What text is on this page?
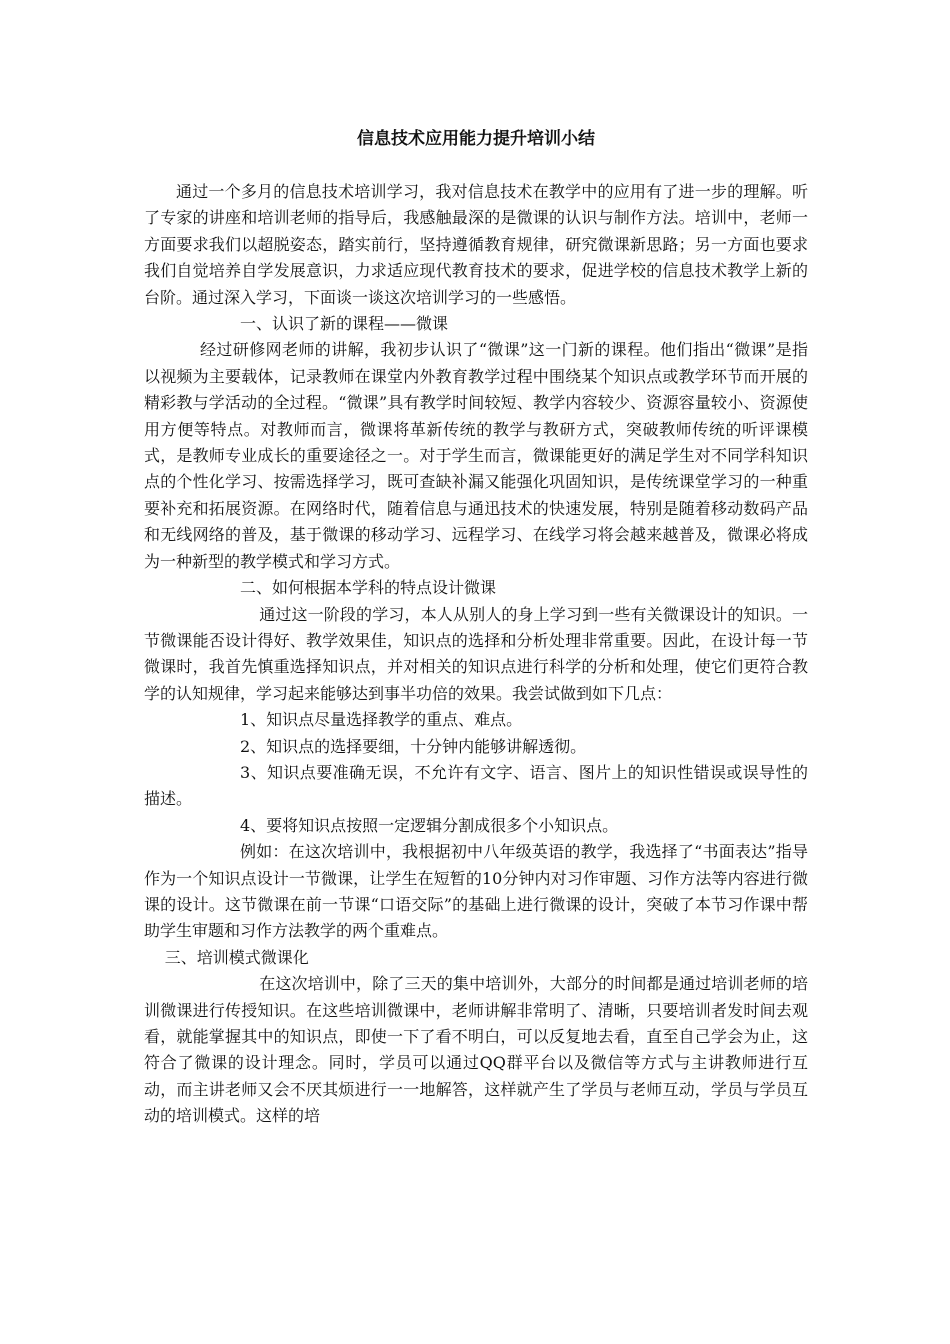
信息技术应用能力提升培训小结

通过一个多月的信息技术培训学习，我对信息技术在教学中的应用有了进一步的理解。听了专家的讲座和培训老师的指导后，我感触最深的是微课的认识与制作方法。培训中，老师一方面要求我们以超脱姿态，踏实前行，坚持遵循教育规律，研究微课新思路；另一方面也要求我们自觉培养自学发展意识，力求适应现代教育技术的要求，促进学校的信息技术教学上新的台阶。通过深入学习，下面谈一谈这次培训学习的一些感悟。

一、认识了新的课程——微课

经过研修网老师的讲解，我初步认识了“微课”这一门新的课程。他们指出“微课”是指以视频为主要载体，记录教师在课堂内外教育教学过程中围绕某个知识点或教学环节而开展的精彩教与学活动的全过程。“微课”具有教学时间较短、教学内容较少、资源容量较小、资源使用方便等特点。对教师而言，微课将革新传统的教学与教研方式，突破教师传统的听评课模式，是教师专业成长的重要途径之一。对于学生而言，微课能更好的满足学生对不同学科知识点的个性化学习、按需选择学习，既可查缺补漏又能强化巩固知识，是传统课堂学习的一种重要补充和拓展资源。在网络时代，随着信息与通迅技术的快速发展，特别是随着移动数码产品和无线网络的普及，基于微课的移动学习、远程学习、在线学习将会越来越普及，微课必将成为一种新型的教学模式和学习方式。

二、如何根据本学科的特点设计微课

通过这一阶段的学习，本人从别人的身上学习到一些有关微课设计的知识。一节微课能否设计得好、教学效果佳，知识点的选择和分析处理非常重要。因此，在设计每一节微课时，我首先慎重选择知识点，并对相关的知识点进行科学的分析和处理，使它们更符合教学的认知规律，学习起来能够达到事半功倍的效果。我尝试做到如下几点：

1、知识点尽量选择教学的重点、难点。

2、知识点的选择要细，十分钟内能够讲解透彻。

3、知识点要准确无误，不允许有文字、语言、图片上的知识性错误或误导性的描述。

4、要将知识点按照一定逻辑分割成很多个小知识点。

例如：在这次培训中，我根据初中八年级英语的教学，我选择了“书面表达”指导作为一个知识点设计一节微课，让学生在短暂的10分钟内对习作审题、习作方法等内容进行微课的设计。这节微课在前一节课“口语交际”的基础上进行微课的设计，突破了本节习作课中帮助学生审题和习作方法教学的两个重难点。

三、培训模式微课化

在这次培训中，除了三天的集中培训外，大部分的时间都是通过培训老师的培训微课进行传授知识。在这些培训微课中，老师讲解非常明了、清晰，只要培训者发时间去观看，就能掌握其中的知识点，即使一下了看不明白，可以反复地去看，直至自己学会为止，这符合了微课的设计理念。同时，学员可以通过QQ群平台以及微信等方式与主讲教师进行互动，而主讲老师又会不厌其烦进行一一地解答，这样就产生了学员与老师互动，学员与学员互动的培训模式。这样的培
